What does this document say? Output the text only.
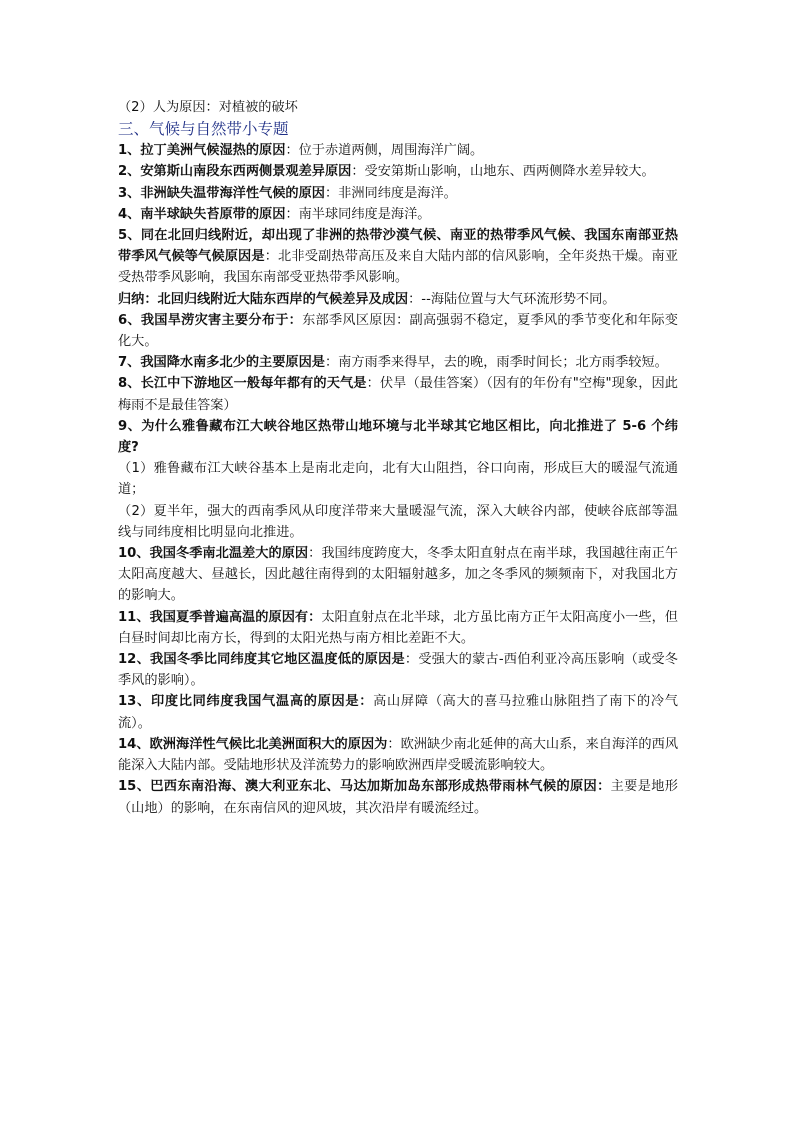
（2）人为原因：对植被的破坏

三、气候与自然带小专题

1、拉丁美洲气候湿热的原因：位于赤道两侧，周围海洋广阔。

2、安第斯山南段东西两侧景观差异原因：受安第斯山影响，山地东、西两侧降水差异较大。

3、非洲缺失温带海洋性气候的原因：非洲同纬度是海洋。

4、南半球缺失苔原带的原因：南半球同纬度是海洋。

5、同在北回归线附近，却出现了非洲的热带沙漠气候、南亚的热带季风气候、我国东南部亚热带季风气候等气候原因是：北非受副热带高压及来自大陆内部的信风影响，全年炎热干燥。南亚受热带季风影响，我国东南部受亚热带季风影响。

归纳：北回归线附近大陆东西岸的气候差异及成因：--海陆位置与大气环流形势不同。

6、我国旱涝灾害主要分布于：东部季风区原因：副高强弱不稳定，夏季风的季节变化和年际变化大。

7、我国降水南多北少的主要原因是：南方雨季来得早，去的晚，雨季时间长；北方雨季较短。

8、长江中下游地区一般每年都有的天气是：伏旱（最佳答案）（因有的年份有"空梅"现象，因此梅雨不是最佳答案）

9、为什么雅鲁藏布江大峡谷地区热带山地环境与北半球其它地区相比，向北推进了 5-6 个纬度?

（1）雅鲁藏布江大峡谷基本上是南北走向，北有大山阻挡，谷口向南，形成巨大的暖湿气流通道；

（2）夏半年，强大的西南季风从印度洋带来大量暖湿气流，深入大峡谷内部，使峡谷底部等温线与同纬度相比明显向北推进。

10、我国冬季南北温差大的原因：我国纬度跨度大，冬季太阳直射点在南半球，我国越往南正午太阳高度越大、昼越长，因此越往南得到的太阳辐射越多，加之冬季风的频频南下，对我国北方的影响大。

11、我国夏季普遍高温的原因有：太阳直射点在北半球，北方虽比南方正午太阳高度小一些，但白昼时间却比南方长，得到的太阳光热与南方相比差距不大。

12、我国冬季比同纬度其它地区温度低的原因是：受强大的蒙古-西伯利亚冷高压影响（或受冬季风的影响）。

13、印度比同纬度我国气温高的原因是：高山屏障（高大的喜马拉雅山脉阻挡了南下的冷气流）。

14、欧洲海洋性气候比北美洲面积大的原因为：欧洲缺少南北延伸的高大山系，来自海洋的西风能深入大陆内部。受陆地形状及洋流势力的影响欧洲西岸受暖流影响较大。

15、巴西东南沿海、澳大利亚东北、马达加斯加岛东部形成热带雨林气候的原因：主要是地形（山地）的影响，在东南信风的迎风坡，其次沿岸有暖流经过。
